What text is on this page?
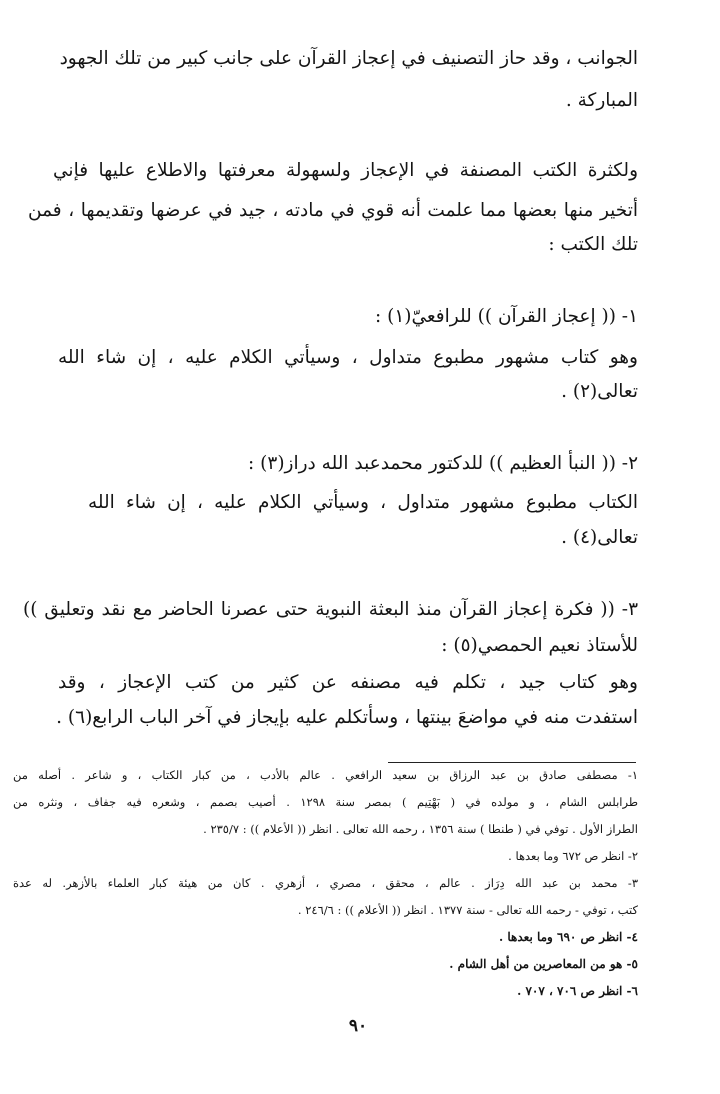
الجوانب ، وقد حاز التصنيف في إعجاز القرآن على جانب كبير من تلك الجهود
المباركة .
ولكثرة الكتب المصنفة في الإعجاز ولسهولة معرفتها والاطلاع عليها فإني
أتخير منها بعضها مما علمت أنه قوي في مادته ، جيد في عرضها وتقديمها ، فمن
تلك الكتب :
١- (( إعجاز القرآن )) للرافعيّ(١) :
وهو كتاب مشهور مطبوع متداول ، وسيأتي الكلام عليه ، إن شاء الله
تعالى(٢) .
٢- (( النبأ العظيم )) للدكتور محمدعبد الله دراز(٣) :
الكتاب مطبوع مشهور متداول ، وسيأتي الكلام عليه ، إن شاء الله
تعالى(٤) .
٣- (( فكرة إعجاز القرآن منذ البعثة النبوية حتى عصرنا الحاضر مع نقد وتعليق ))
للأستاذ نعيم الحمصي(٥) :
وهو كتاب جيد ، تكلم فيه مصنفه عن كثير من كتب الإعجاز ، وقد
استفدت منه في مواضعَ بينتها ، وسأتكلم عليه بإيجاز في آخر الباب الرابع(٦) .
١- مصطفى صادق بن عبد الرزاق بن سعيد الرافعي . عالم بالأدب ، من كبار الكتاب ، و شاعر . أصله من
طرابلس الشام ، و مولده في ( بَهْتِيم ) بمصر سنة ١٢٩٨ . أصيب بصمم ، وشعره فيه جفاف ، ونثره من
الطراز الأول . توفي في ( طنطا ) سنة ١٣٥٦ ، رحمه الله تعالى . انظر (( الأعلام )) : ٢٣٥/٧ .
٢- انظر ص ٦٧٢ وما بعدها .
٣- محمد بن عبد الله دِرَاز . عالم ، محقق ، مصري ، أزهري . كان من هيئة كبار العلماء بالأزهر. له عدة
كتب ، توفي - رحمه الله تعالى - سنة ١٣٧٧ . انظر (( الأعلام )) : ٢٤٦/٦ .
٤- انظر ص ٦٩٠ وما بعدها .
٥- هو من المعاصرين من أهل الشام .
٦- انظر ص ٧٠٦ ، ٧٠٧ .
٩٠
